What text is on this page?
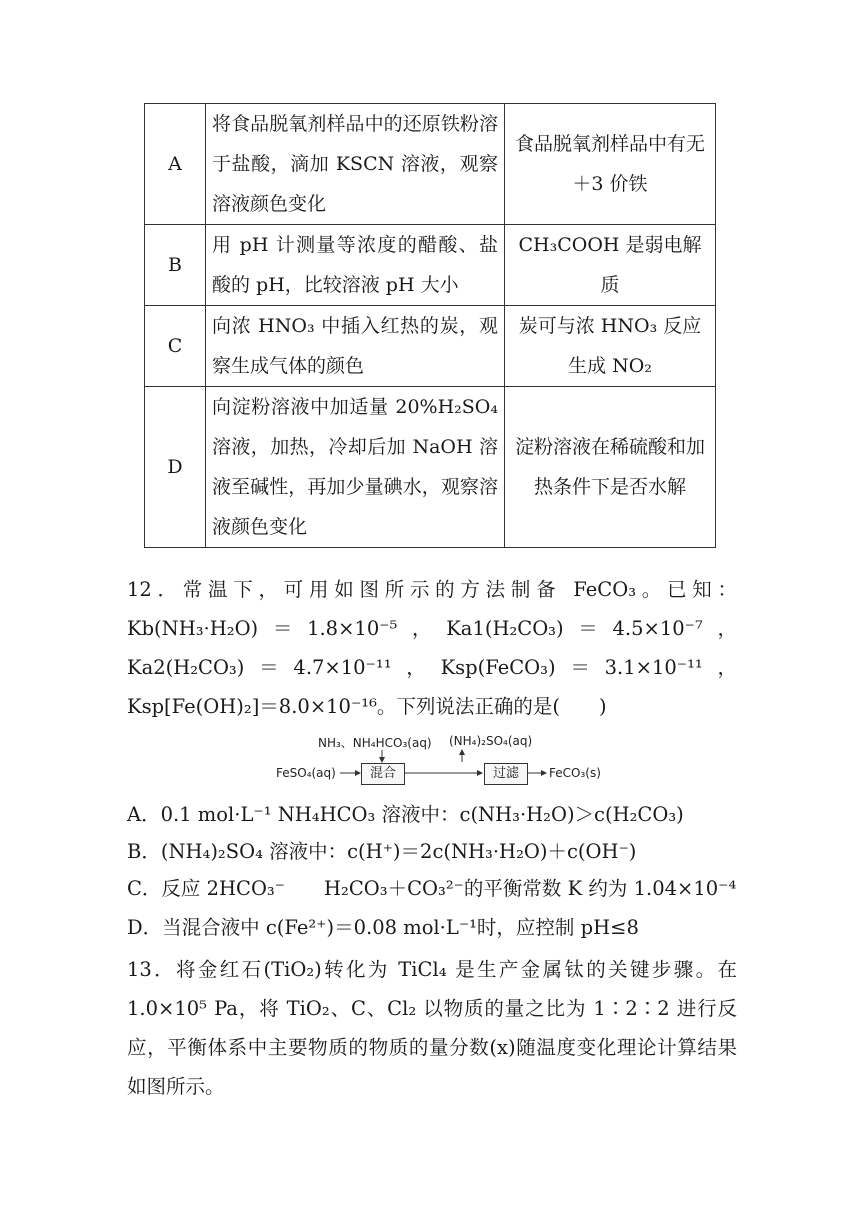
A	将食品脱氧剂样品中的还原铁粉溶于盐酸，滴加 KSCN 溶液，观察溶液颜色变化	食品脱氧剂样品中有无＋3 价铁
B	用 pH 计测量等浓度的醋酸、盐酸的 pH，比较溶液 pH 大小	CH₃COOH 是弱电解质
C	向浓 HNO₃ 中插入红热的炭，观察生成气体的颜色	炭可与浓 HNO₃ 反应生成 NO₂
D	向淀粉溶液中加适量 20%H₂SO₄ 溶液，加热，冷却后加 NaOH 溶液至碱性，再加少量碘水，观察溶液颜色变化	淀粉溶液在稀硫酸和加热条件下是否水解
12．常温下，可用如图所示的方法制备 FeCO₃。已知：Kb(NH₃·H₂O)＝1.8×10⁻⁵，Ka1(H₂CO₃)＝4.5×10⁻⁷，Ka2(H₂CO₃)＝4.7×10⁻¹¹，Ksp(FeCO₃)＝3.1×10⁻¹¹，Ksp[Fe(OH)₂]＝8.0×10⁻¹⁶。下列说法正确的是(　　)
NH₃、NH₄HCO₃(aq) (NH₄)₂SO₄(aq)
FeSO₄(aq)	混合	过滤	FeCO₃(s)
A．0.1 mol·L⁻¹ NH₄HCO₃ 溶液中：c(NH₃·H₂O)＞c(H₂CO₃)
B．(NH₄)₂SO₄ 溶液中：c(H⁺)＝2c(NH₃·H₂O)＋c(OH⁻)
C．反应 2HCO₃⁻　　H₂CO₃＋CO₃²⁻的平衡常数 K 约为 1.04×10⁻⁴
D．当混合液中 c(Fe²⁺)＝0.08 mol·L⁻¹时，应控制 pH≤8
13．将金红石(TiO₂)转化为 TiCl₄ 是生产金属钛的关键步骤。在 1.0×10⁵ Pa，将 TiO₂、C、Cl₂ 以物质的量之比为 1∶2∶2 进行反应，平衡体系中主要物质的物质的量分数(x)随温度变化理论计算结果如图所示。
